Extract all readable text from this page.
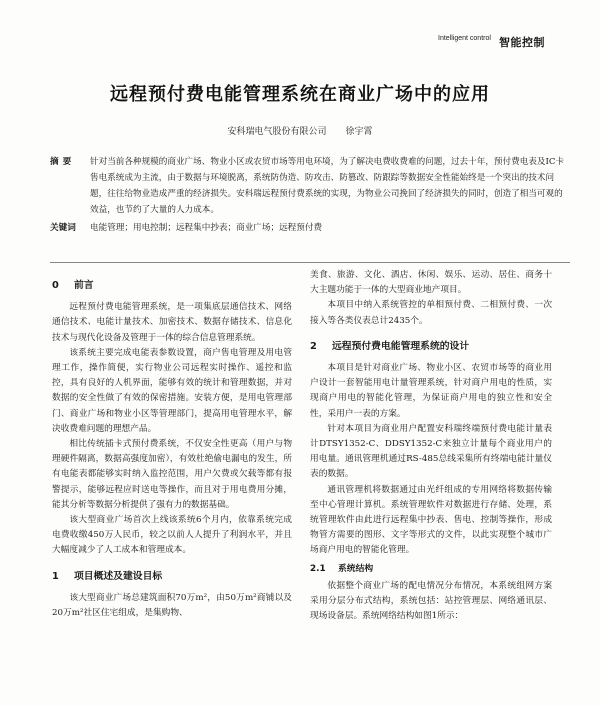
Intelligent control 智能控制
远程预付费电能管理系统在商业广场中的应用
安科瑞电气股份有限公司 徐宇霄
摘要 针对当前各种规模的商业广场、物业小区或农贸市场等用电环境，为了解决电费收费难的问题，过去十年，预付费电表及IC卡售电系统成为主流，由于数据与环境脱离，系统防伪造、防攻击、防篡改、防跟踪等数据安全性能始终是一个突出的技术问题，往往给物业造成严重的经济损失。安科瑞远程预付费系统的实现，为物业公司挽回了经济损失的同时，创造了相当可观的效益，也节约了大量的人力成本。
关键词 电能管理；用电控制；远程集中抄表；商业广场；远程预付费
0 前言

远程预付费电能管理系统，是一项集底层通信技术、网络通信技术、电能计量技术、加密技术、数据存储技术、信息化技术与现代化设备及管理于一体的综合信息管理系统。

该系统主要完成电能表参数设置，商户售电管理及用电管理工作，操作简便，实行物业公司远程实时操作、遥控和监控，具有良好的人机界面，能够有效的统计和管理数据，并对数据的安全性做了有效的保密措施。安装方便，是用电管理部门、商业广场和物业小区等管理部门，提高用电管理水平，解决收费难问题的理想产品。

相比传统插卡式预付费系统，不仅安全性更高（用户与物理硬件隔离，数据高强度加密），有效杜绝偷电漏电的发生，所有电能表都能够实时纳入监控范围，用户欠费或欠载等都有报警提示，能够远程应时送电等操作，而且对于用电费用分摊，能其分析等数据分析提供了强有力的数据基础。

该大型商业广场首次上线该系统6个月内，依靠系统完成电费收缴450万人民币，较之以前人人提升了利润水平，并且大幅度减少了人工成本和管理成本。

1 项目概述及建设目标

该大型商业广场总建筑面积70万m²，由50万m²商铺以及20万m²社区住宅组成，是集购物、

美食、旅游、文化、酒店、休闲、娱乐、运动、居住、商务十大主题功能于一体的大型商业地产项目。

本项目中纳入系统管控的单相预付费、二相预付费、一次接入等各类仪表总计2435个。

2 远程预付费电能管理系统的设计

本项目是针对商业广场、物业小区、农贸市场等的商业用户设计一套智能用电计量管理系统，针对商户用电的性质，实现商户用电的智能化管理，为保证商户用电的独立性和安全性，采用户一表的方案。

针对本项目为商业用户配置安科瑞终端预付费电能计量表计DTSY1352-C、DDSY1352-C来独立计量每个商业用户的用电量。通讯管理机通过RS-485总线采集所有终端电能计量仪表的数据。

通讯管理机将数据通过由光纤组成的专用网络将数据传输至中心管理计算机。系统管理软件对数据进行存储、处理，系统管理软件由此进行远程集中抄表、售电、控制等操作，形成物管方需要的图形、文字等形式的文件，以此实现整个城市广场商户用电的智能化管理。

2.1 系统结构

依据整个商业广场的配电情况分布情况，本系统组网方案采用分层分布式结构，系统包括：站控管理层、网络通讯层、现场设备层。系统网络结构如图1所示：
